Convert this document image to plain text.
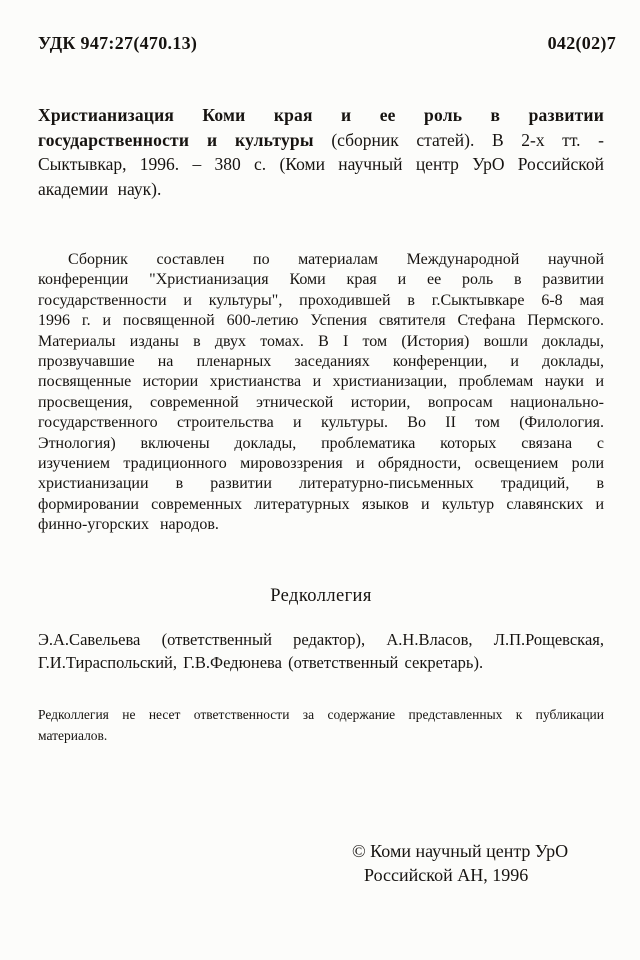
УДК 947:27(470.13)	042(02)7

Христианизация Коми края и ее роль в развитии государственности и культуры (сборник статей). В 2-х тт. - Сыктывкар, 1996. – 380 с. (Коми научный центр УрО Российской академии наук).

Сборник составлен по материалам Международной научной конференции "Христианизация Коми края и ее роль в развитии государственности и культуры", проходившей в г.Сыктывкаре 6-8 мая 1996 г. и посвященной 600-летию Успения святителя Стефана Пермского. Материалы изданы в двух томах. В I том (История) вошли доклады, прозвучавшие на пленарных заседаниях конференции, и доклады, посвященные истории христианства и христианизации, проблемам науки и просвещения, современной этнической истории, вопросам национально-государственного строительства и культуры. Во II том (Филология. Этнология) включены доклады, проблематика которых связана с изучением традиционного мировоззрения и обрядности, освещением роли христианизации в развитии литературно-письменных традиций, в формировании современных литературных языков и культур славянских и финно-угорских народов.

Редколлегия

Э.А.Савельева (ответственный редактор), А.Н.Власов, Л.П.Рощевская, Г.И.Тираспольский, Г.В.Федюнева (ответственный секретарь).

Редколлегия не несет ответственности за содержание представленных к публикации материалов.

© Коми научный центр УрО
Российской АН, 1996
